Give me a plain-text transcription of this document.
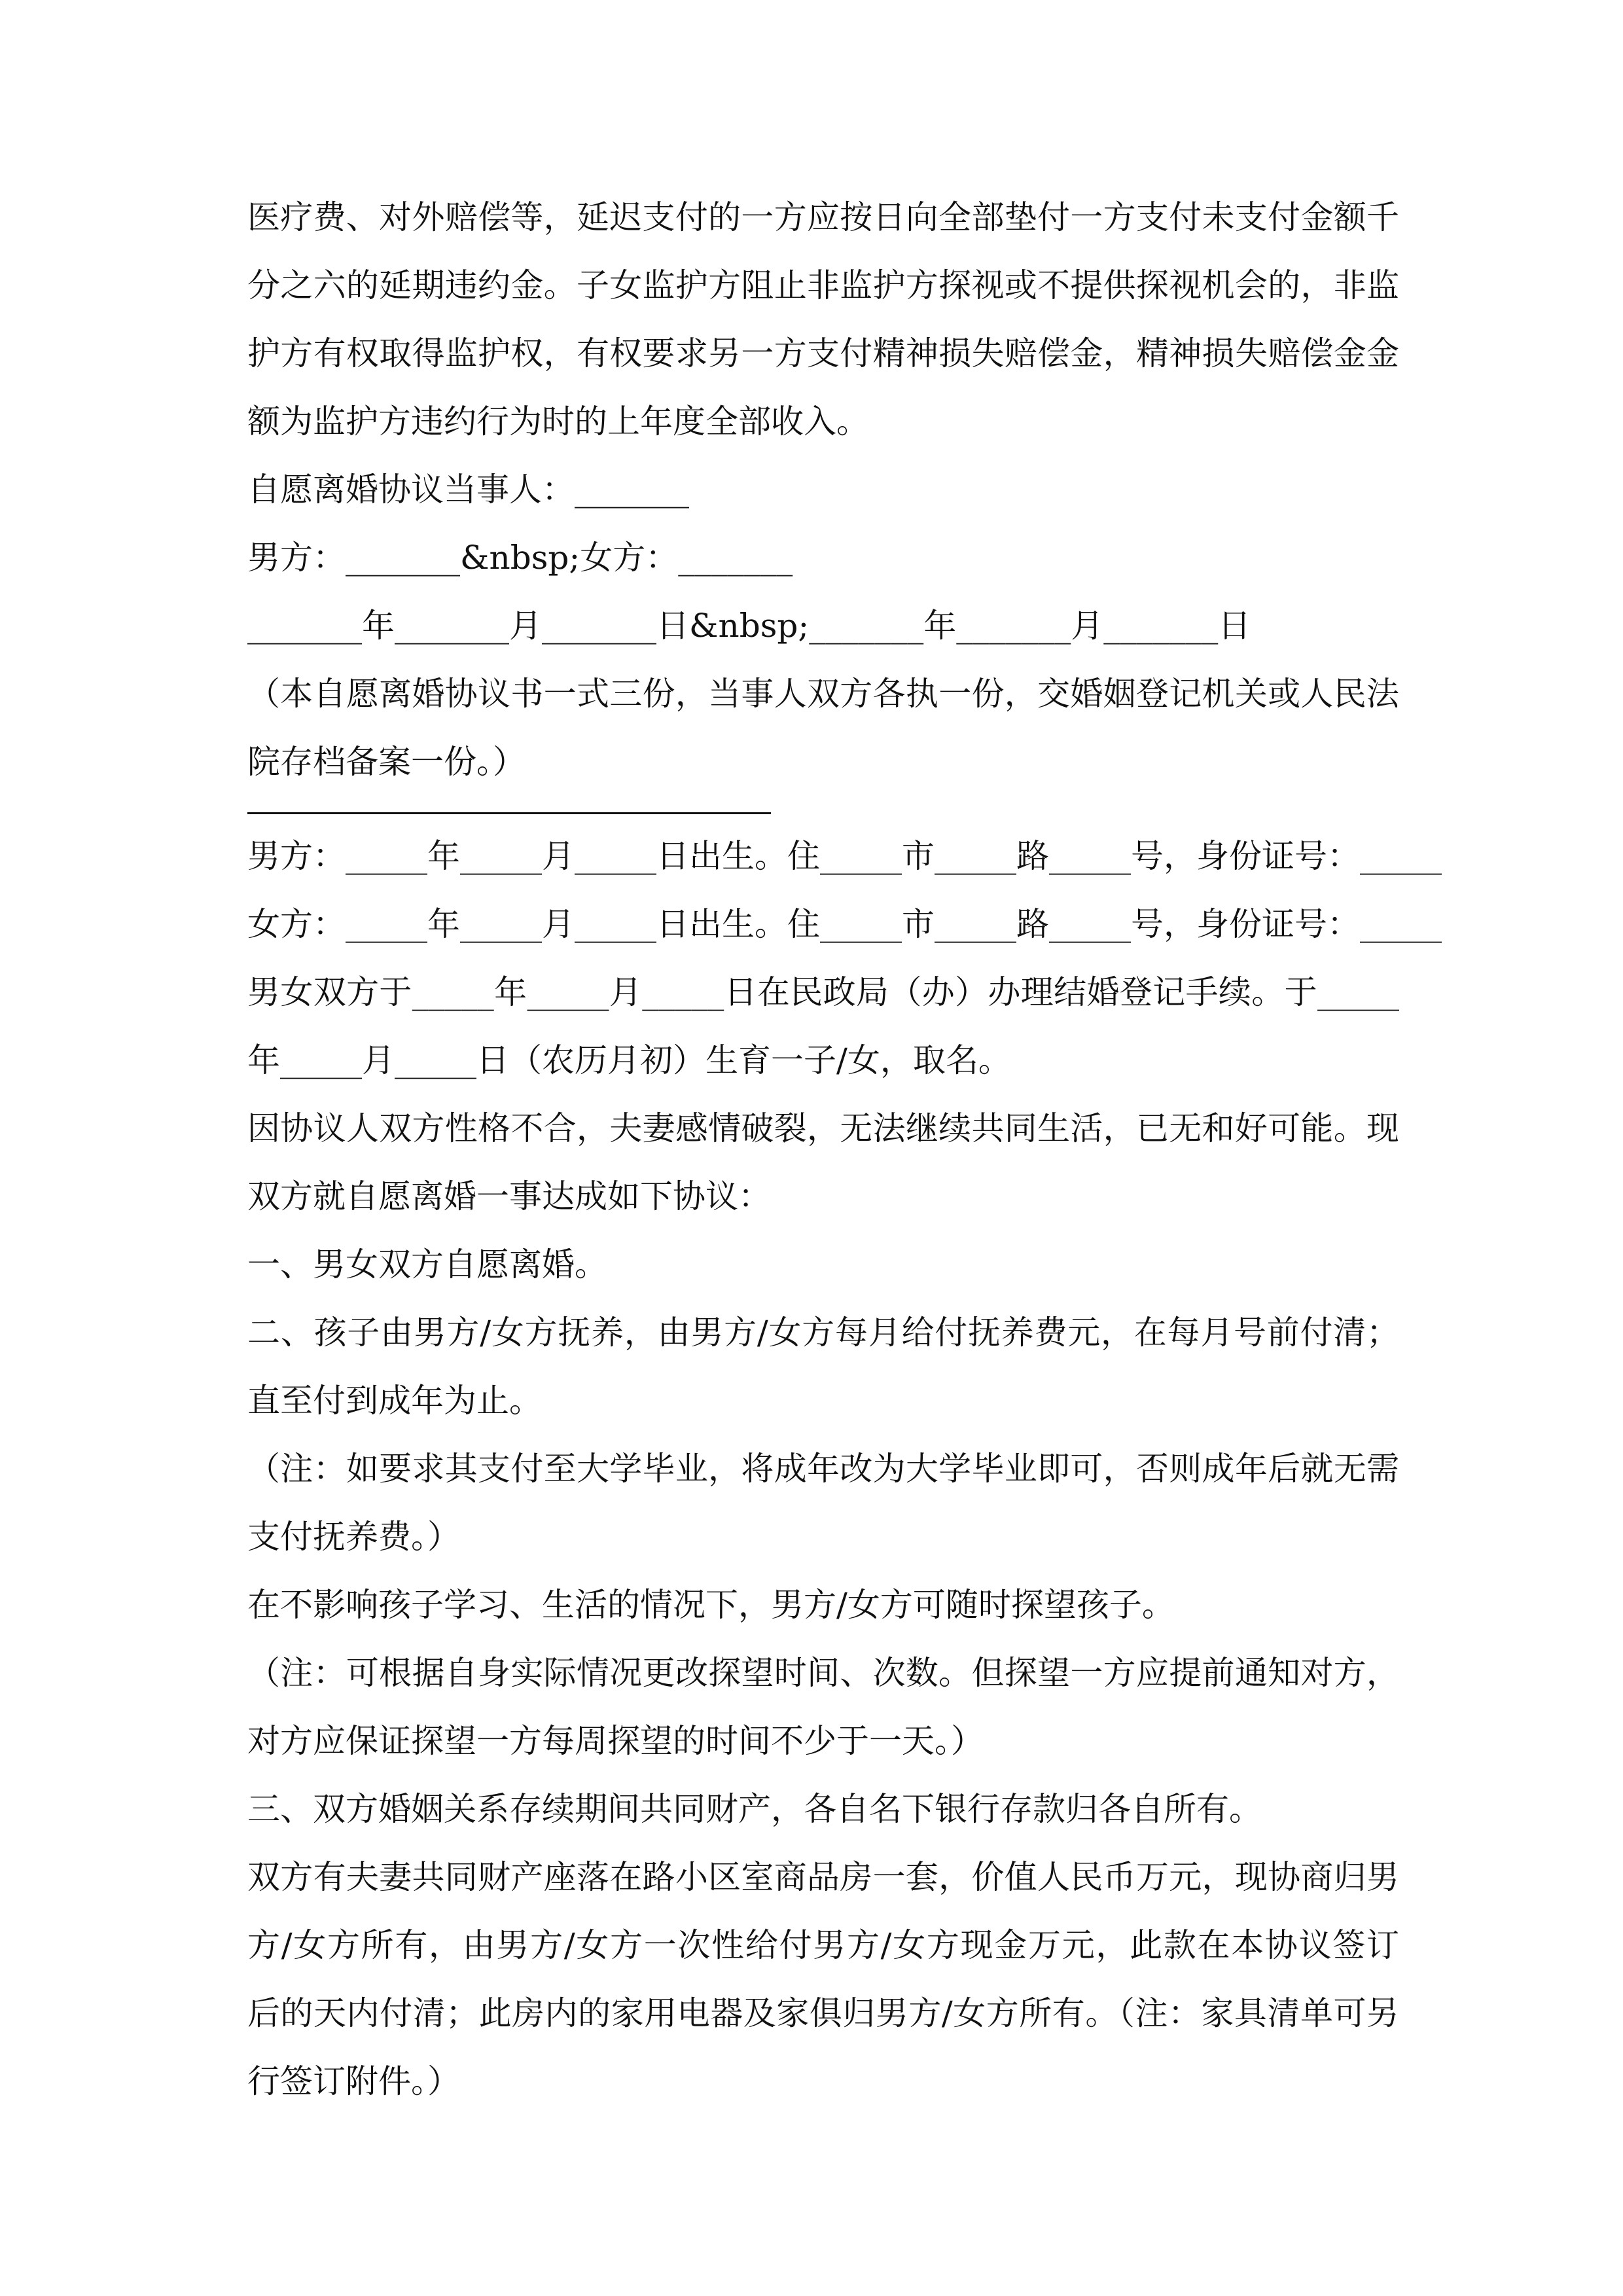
医疗费、对外赔偿等，延迟支付的一方应按日向全部垫付一方支付未支付金额千
分之六的延期违约金。子女监护方阻止非监护方探视或不提供探视机会的，非监
护方有权取得监护权，有权要求另一方支付精神损失赔偿金，精神损失赔偿金金
额为监护方违约行为时的上年度全部收入。
自愿离婚协议当事人：_______
男方：_______&nbsp;女方：_______
_______年_______月_______日&nbsp;_______年_______月_______日
（本自愿离婚协议书一式三份，当事人双方各执一份，交婚姻登记机关或人民法
院存档备案一份。）
男方：_____年_____月_____日出生。住_____市_____路_____号，身份证号：_____
女方：_____年_____月_____日出生。住_____市_____路_____号，身份证号：_____
男女双方于_____年_____月_____日在民政局（办）办理结婚登记手续。于_____
年_____月_____日（农历月初）生育一子/女，取名。
因协议人双方性格不合，夫妻感情破裂，无法继续共同生活，已无和好可能。现
双方就自愿离婚一事达成如下协议：
一、男女双方自愿离婚。
二、孩子由男方/女方抚养，由男方/女方每月给付抚养费元，在每月号前付清；
直至付到成年为止。
（注：如要求其支付至大学毕业，将成年改为大学毕业即可，否则成年后就无需
支付抚养费。）
在不影响孩子学习、生活的情况下，男方/女方可随时探望孩子。
（注：可根据自身实际情况更改探望时间、次数。但探望一方应提前通知对方，
对方应保证探望一方每周探望的时间不少于一天。）
三、双方婚姻关系存续期间共同财产，各自名下银行存款归各自所有。
双方有夫妻共同财产座落在路小区室商品房一套，价值人民币万元，现协商归男
方/女方所有，由男方/女方一次性给付男方/女方现金万元，此款在本协议签订
后的天内付清；此房内的家用电器及家俱归男方/女方所有。（注：家具清单可另
行签订附件。）
